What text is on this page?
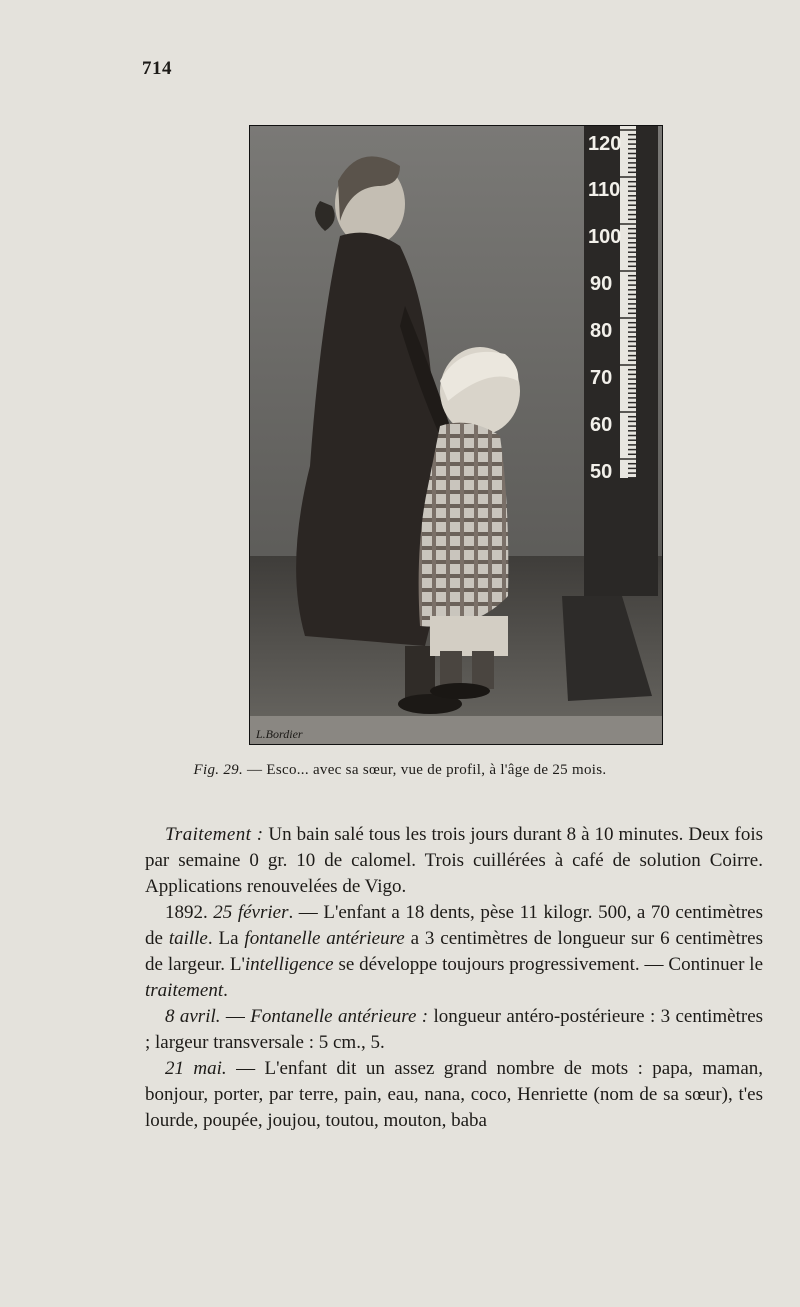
714
120
110
100
90
80
70
60
50
L.Bordier
Fig. 29. — Esco... avec sa sœur, vue de profil, à l'âge de 25 mois.

Traitement : Un bain salé tous les trois jours durant 8 à 10 minutes. Deux fois par semaine 0 gr. 10 de calomel. Trois cuillérées à café de solution Coirre. Applications renouvelées de Vigo.

1892. 25 février. — L'enfant a 18 dents, pèse 11 kilogr. 500, a 70 centimètres de taille. La fontanelle antérieure a 3 centimètres de longueur sur 6 centimètres de largeur. L'intelligence se développe toujours progressivement. — Continuer le traitement.

8 avril. — Fontanelle antérieure : longueur antéro-postérieure : 3 centimètres ; largeur transversale : 5 cm., 5.

21 mai. — L'enfant dit un assez grand nombre de mots : papa, maman, bonjour, porter, par terre, pain, eau, nana, coco, Henriette (nom de sa sœur), t'es lourde, poupée, joujou, toutou, mouton, baba
